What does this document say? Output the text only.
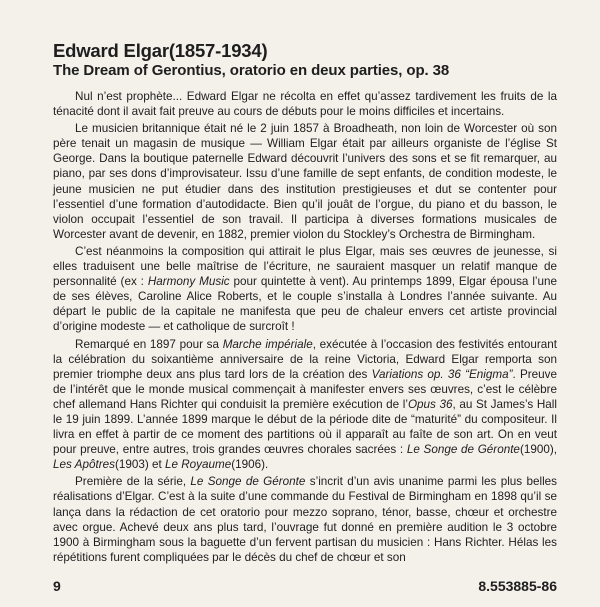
Edward Elgar(1857-1934)
The Dream of Gerontius, oratorio en deux parties, op. 38

Nul n’est prophète... Edward Elgar ne récolta en effet qu’assez tardivement les fruits de la ténacité dont il avait fait preuve au cours de débuts pour le moins difficiles et incertains.

Le musicien britannique était né le 2 juin 1857 à Broadheath, non loin de Worcester où son père tenait un magasin de musique — William Elgar était par ailleurs organiste de l’église St George. Dans la boutique paternelle Edward découvrit l’univers des sons et se fit remarquer, au piano, par ses dons d’improvisateur. Issu d’une famille de sept enfants, de condition modeste, le jeune musicien ne put étudier dans des institution prestigieuses et dut se contenter pour l’essentiel d’une formation d’autodidacte. Bien qu’il jouât de l’orgue, du piano et du basson, le violon occupait l’essentiel de son travail. Il participa à diverses formations musicales de Worcester avant de devenir, en 1882, premier violon du Stockley’s Orchestra de Birmingham.

C’est néanmoins la composition qui attirait le plus Elgar, mais ses œuvres de jeunesse, si elles traduisent une belle maîtrise de l’écriture, ne sauraient masquer un relatif manque de personnalité (ex : Harmony Music pour quintette à vent). Au printemps 1899, Elgar épousa l’une de ses élèves, Caroline Alice Roberts, et le couple s’installa à Londres l’année suivante. Au départ le public de la capitale ne manifesta que peu de chaleur envers cet artiste provincial d’origine modeste — et catholique de surcroît !

Remarqué en 1897 pour sa Marche impériale, exécutée à l’occasion des festivités entourant la célébration du soixantième anniversaire de la reine Victoria, Edward Elgar remporta son premier triomphe deux ans plus tard lors de la création des Variations op. 36 “Enigma”. Preuve de l’intérêt que le monde musical commençait à manifester envers ses œuvres, c’est le célèbre chef allemand Hans Richter qui conduisit la première exécution de l’Opus 36, au St James’s Hall le 19 juin 1899. L’année 1899 marque le début de la période dite de “maturité” du compositeur. Il livra en effet à partir de ce moment des partitions où il apparaît au faîte de son art. On en veut pour preuve, entre autres, trois grandes œuvres chorales sacrées : Le Songe de Géronte(1900), Les Apôtres(1903) et Le Royaume(1906).

Première de la série, Le Songe de Géronte s’incrit d’un avis unanime parmi les plus belles réalisations d’Elgar. C’est à la suite d’une commande du Festival de Birmingham en 1898 qu’il se lança dans la rédaction de cet oratorio pour mezzo soprano, ténor, basse, chœur et orchestre avec orgue. Achevé deux ans plus tard, l’ouvrage fut donné en première audition le 3 octobre 1900 à Birmingham sous la baguette d’un fervent partisan du musicien : Hans Richter. Hélas les répétitions furent compliquées par le décès du chef de chœur et son

9	8.553885-86
